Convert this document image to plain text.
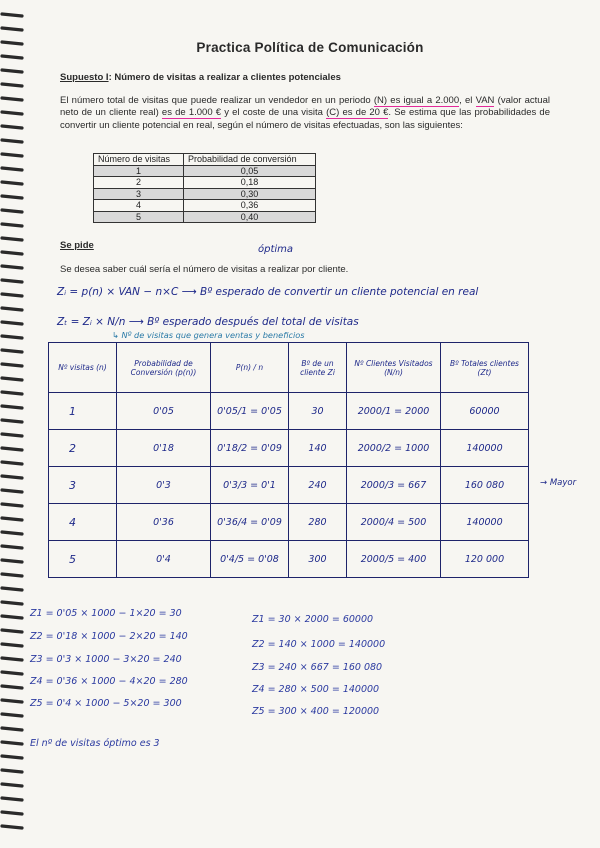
Practica Política de Comunicación
Supuesto I: Número de visitas a realizar a clientes potenciales
El número total de visitas que puede realizar un vendedor en un periodo (N) es igual a 2.000, el VAN (valor actual neto de un cliente real) es de 1.000 € y el coste de una visita (C) es de 20 €. Se estima que las probabilidades de convertir un cliente potencial en real, según el número de visitas efectuadas, son las siguientes:
Número de visitas	Probabilidad de conversión
1	0,05
2	0,18
3	0,30
4	0,36
5	0,40
Se pide	óptima
Se desea saber cuál sería el número de visitas a realizar por cliente.
Zᵢ = p(n) × VAN − n×C ⟶ Bº esperado de convertir un cliente potencial en real
Zₜ = Zᵢ × N/n ⟶ Bº esperado después del total de visitas
↳ Nº de visitas que genera ventas y beneficios
Nº visitas (n)	Probabilidad de Conversión (p(n))	P(n) / n	Bº de un cliente Zi	Nº Clientes Visitados (N/n)	Bº Totales clientes (Zt)
1	0'05	0'05/1 = 0'05	30	2000/1 = 2000	60000
2	0'18	0'18/2 = 0'09	140	2000/2 = 1000	140000
3	0'3	0'3/3 = 0'1	240	2000/3 = 667	160 080
4	0'36	0'36/4 = 0'09	280	2000/4 = 500	140000
5	0'4	0'4/5 = 0'08	300	2000/5 = 400	120 000
→ Mayor
Z1 = 0'05 × 1000 − 1×20 = 30
Z2 = 0'18 × 1000 − 2×20 = 140
Z3 = 0'3 × 1000 − 3×20 = 240
Z4 = 0'36 × 1000 − 4×20 = 280
Z5 = 0'4 × 1000 − 5×20 = 300
Z1 = 30 × 2000 = 60000
Z2 = 140 × 1000 = 140000
Z3 = 240 × 667 = 160 080
Z4 = 280 × 500 = 140000
Z5 = 300 × 400 = 120000
El nº de visitas óptimo es 3
